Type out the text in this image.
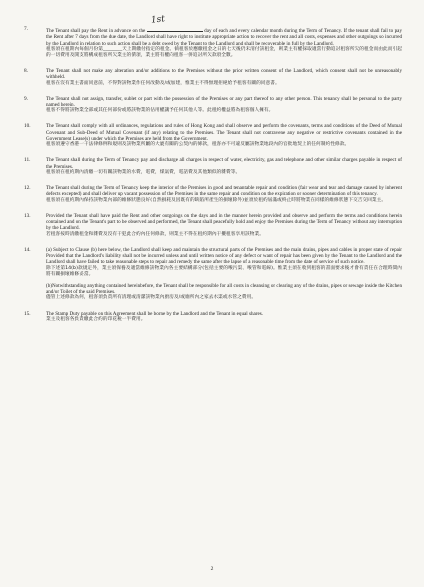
7.	The Tenant shall pay the Rent in advance on the
1st
day of each and every calendar month during the Term of Tenancy. If the tenant shall fail to pay the Rent after 7 days from the due date, the Landlord shall have right to institute appropriate action to recover the rent and all costs, expenses and other outgoings so incurred by the Landlord in relation to such action shall be a debt owed by the Tenant to the Landlord and shall be recoverable in full by the Landlord.

租客須在租期內每個月份第________天上期繳付指定的租金。倘租客於應繳租金之日的七天後仍未清付該租金，則業主有權採取適當行動追討租客所欠的租金而由此而引起的一切費用及開支將構成租客所欠業主的債項，業主將有權向租客一併追討所欠款項全數。

8.	The Tenant shall not make any alteration and/or additions to the Premises without the prior written consent of the Landlord, which consent shall not be unreasonably withheld.

租客在沒有業主書面同意前，不得對該物業作任何改動及/或加建，惟業主不得無理拒絕給予租客有關的同意書。

9.	The Tenant shall not assign, transfer, sublet or part with the possession of the Premises or any part thereof to any other person. This tenancy shall be personal to the party named herein.

租客不得將該物業全部或其任何部份或將該物業的佔用權讓予任何其他人等。此租約權益將為租客個人擁有。

10.	The Tenant shall comply with all ordinances, regulations and rules of Hong Kong and shall observe and perform the covenants, terms and conditions of the Deed of Mutual Covenant and Sub-Deed of Mutual Covenant (if any) relating to the Premises. The Tenant shall not contravene any negative or restrictive covenants contained in the Government Lease(s) under which the Premises are held from the Government.

租客須遵守香港一干法律條例和規則及該物業所屬的大廈有關的公契內的條款，租客亦不可違反屬該物業地段內的官批地契上的任何制約性條款。

11.	The Tenant shall during the Term of Tenancy pay and discharge all charges in respect of water, electricity, gas and telephone and other similar charges payable in respect of the Premises.

租客須在租約期內清繳一切有關該物業的水費，電費，煤氣費，電話費及其他類似的雜費等。

12.	The Tenant shall during the Term of Tenancy keep the interior of the Premises in good and tenantable repair and condition (fair wear and tear and damage caused by inherent defects excepted) and shall deliver up vacant possession of the Premises in the same repair and condition on the expiration or sooner determination of this tenancy.

租客須在租約期內保持該物業內部的維修狀態良好(自然損耗及因既有的缺陷所產生的損壞除外)並須於租約屆滿或終止時將物業在同樣的維修狀態下交吉交回業主。

13.	Provided the Tenant shall have paid the Rent and other outgoings on the days and in the manner herein provided and observe and perform the terms and conditions herein contained and on the Tenant's part to be observed and performed, the Tenant shall peacefully hold and enjoy the Premises during the Term of Tenancy without any interruption by the Landlord.

若租客按時清繳租金和雜費及沒有干犯此合約內任何條款，則業主不得在租約期內干擾租客享用該物業。

14.	(a) Subject to Clause (b) here below, the Landlord shall keep and maintain the structural parts of the Premises and the main drains, pipes and cables in proper state of repair Provided that the Landlord's liability shall not be incurred unless and until written notice of any defect or want of repair has been given by the Tenant to the Landlord and the Landlord shall have failed to take reasonable steps to repair and remedy the same after the lapse of a reasonable time from the date of service of such notice.

除下述第14(b)款規定外，業主須保養及適當維修該物業內各主要結構部分(包括主要的喉污渠、喉管和電線)。惟業主須在收到租客的書面要求後才會有責任在合理時間內將有關損壞維修妥當。

(b)Notwithstanding anything contained hereinbefore, the Tenant shall be responsible for all costs in cleansing or clearing any of the drains, pipes or sewage inside the Kitchen and/or Toilet of the said Premises.

儘管上述條款為何，租客須負責所有清理或清潔該物業內廚房及/或廁所內之家去水渠或水管之費用。

15.	The Stamp Duty payable on this Agreement shall be borne by the Landlord and the Tenant in equal shares.

業主及租客各負責繳此合約的印花稅一半費用。

2
